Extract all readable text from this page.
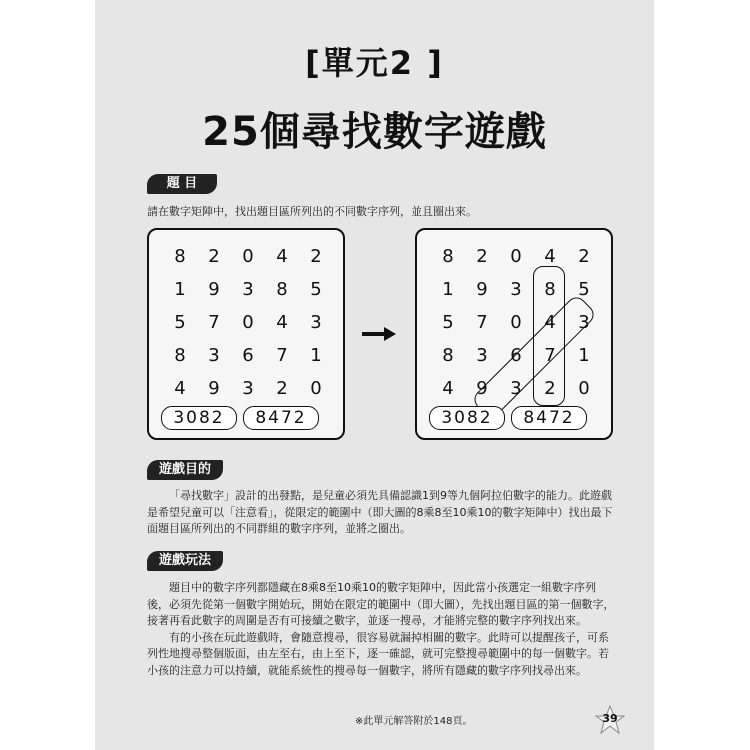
[單元2 ]
25個尋找數字遊戲
題 目
請在數字矩陣中，找出題目區所列出的不同數字序列，並且圈出來。
8	2	0	4	2
1	9	3	8	5
5	7	0	4	3
8	3	6	7	1
4	9	3	2	0
3082	8472
8	2	0	4	2
1	9	3	8	5
5	7	0	4	3
8	3	6	7	1
4	9	3	2	0
3082	8472
遊戲目的

「尋找數字」設計的出發點，是兒童必須先具備認識1到9等九個阿拉伯數字的能力。此遊戲是希望兒童可以「注意看」，從限定的範圍中（即大圖的8乘8至10乘10的數字矩陣中）找出最下面題目區所列出的不同群組的數字序列，並將之圈出。

遊戲玩法

題目中的數字序列都隱藏在8乘8至10乘10的數字矩陣中，因此當小孩選定一組數字序列後，必須先從第一個數字開始玩，開始在限定的範圍中（即大圖），先找出題目區的第一個數字，接著再看此數字的周圍是否有可接續之數字，並逐一搜尋，才能將完整的數字序列找出來。

有的小孩在玩此遊戲時，會隨意搜尋，很容易就漏掉相關的數字。此時可以提醒孩子，可系列性地搜尋整個版面，由左至右，由上至下，逐一確認，就可完整搜尋範圍中的每一個數字。若小孩的注意力可以持續，就能系統性的搜尋每一個數字，將所有隱藏的數字序列找尋出來。

※此單元解答附於148頁。	39
